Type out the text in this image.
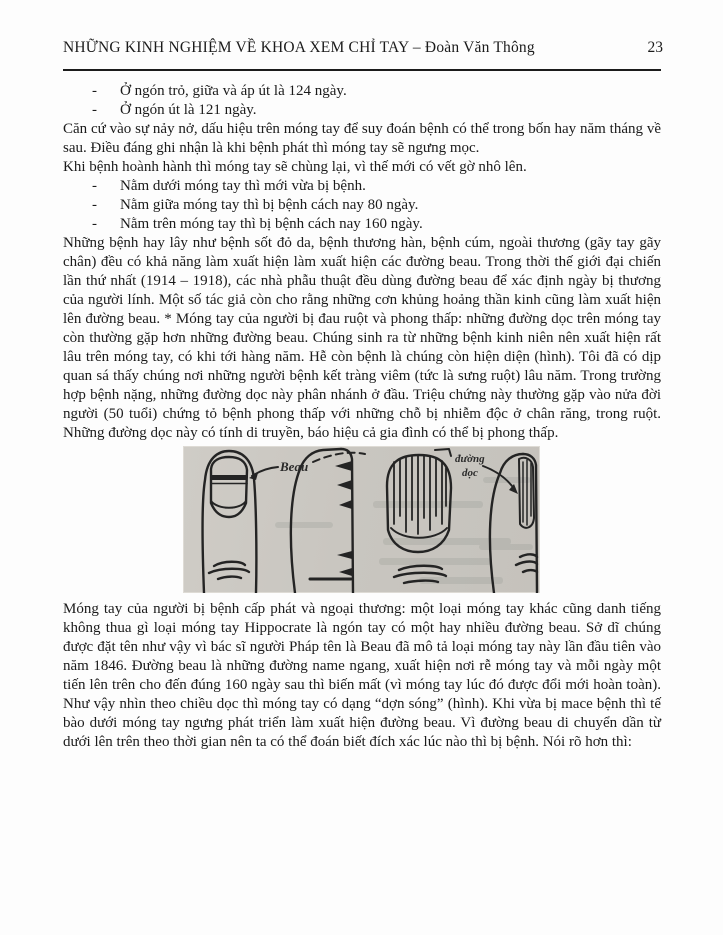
NHỮNG KINH NGHIỆM VỀ KHOA XEM CHỈ TAY – Đoàn Văn Thông	23
-	Ở ngón trỏ, giữa và áp út là 124 ngày.
-	Ở ngón út là 121 ngày.

Căn cứ vào sự nảy nở, dấu hiệu trên móng tay để suy đoán bệnh có thể trong bốn hay năm tháng về sau. Điều đáng ghi nhận là khi bệnh phát thì móng tay sẽ ngưng mọc.

Khi bệnh hoành hành thì móng tay sẽ chùng lại, vì thế mới có vết gờ nhô lên.

-	Nằm dưới móng tay thì mới vừa bị bệnh.
-	Nằm giữa móng tay thì bị bệnh cách nay 80 ngày.
-	Nằm trên móng tay thì bị bệnh cách nay 160 ngày.

Những bệnh hay lây như bệnh sốt đỏ da, bệnh thương hàn, bệnh cúm, ngoài thương (gãy tay gãy chân) đều có khả năng làm xuất hiện làm xuất hiện các đường beau. Trong thời thế giới đại chiến lần thứ nhất (1914 – 1918), các nhà phẫu thuật đều dùng đường beau để xác định ngày bị thương của người lính. Một số tác giả còn cho rằng những cơn khủng hoảng thần kinh cũng làm xuất hiện lên đường beau. * Móng tay của người bị đau ruột và phong thấp: những đường dọc trên móng tay còn thường gặp hơn những đường beau. Chúng sinh ra từ những bệnh kinh niên nên xuất hiện rất lâu trên móng tay, có khi tới hàng năm. Hễ còn bệnh là chúng còn hiện diện (hình). Tôi đã có dịp quan sá thấy chúng nơi những người bệnh kết tràng viêm (tức là sưng ruột) lâu năm. Trong trường hợp bệnh nặng, những đường dọc này phân nhánh ở đầu. Triệu chứng này thường gặp vào nửa đời người (50 tuổi) chứng tỏ bệnh phong thấp với những chỗ bị nhiễm độc ở chân răng, trong ruột. Những đường dọc này có tính di truyền, báo hiệu cả gia đình có thể bị phong thấp.

Beau	đường
dọc

Móng tay của người bị bệnh cấp phát và ngoại thương: một loại móng tay khác cũng danh tiếng không thua gì loại móng tay Hippocrate là ngón tay có một hay nhiều đường beau. Sở dĩ chúng được đặt tên như vậy vì bác sĩ người Pháp tên là Beau đã mô tả loại móng tay này lần đầu tiên vào năm 1846. Đường beau là những đường name ngang, xuất hiện nơi rễ móng tay và mỗi ngày một tiến lên trên cho đến đúng 160 ngày sau thì biến mất (vì móng tay lúc đó được đổi mới hoàn toàn). Như vậy nhìn theo chiều dọc thì móng tay có dạng “dợn sóng” (hình). Khi vừa bị mace bệnh thì tế bào dưới móng tay ngưng phát triển làm xuất hiện đường beau. Vì đường beau di chuyển dần từ dưới lên trên theo thời gian nên ta có thể đoán biết đích xác lúc nào thì bị bệnh. Nói rõ hơn thì:
